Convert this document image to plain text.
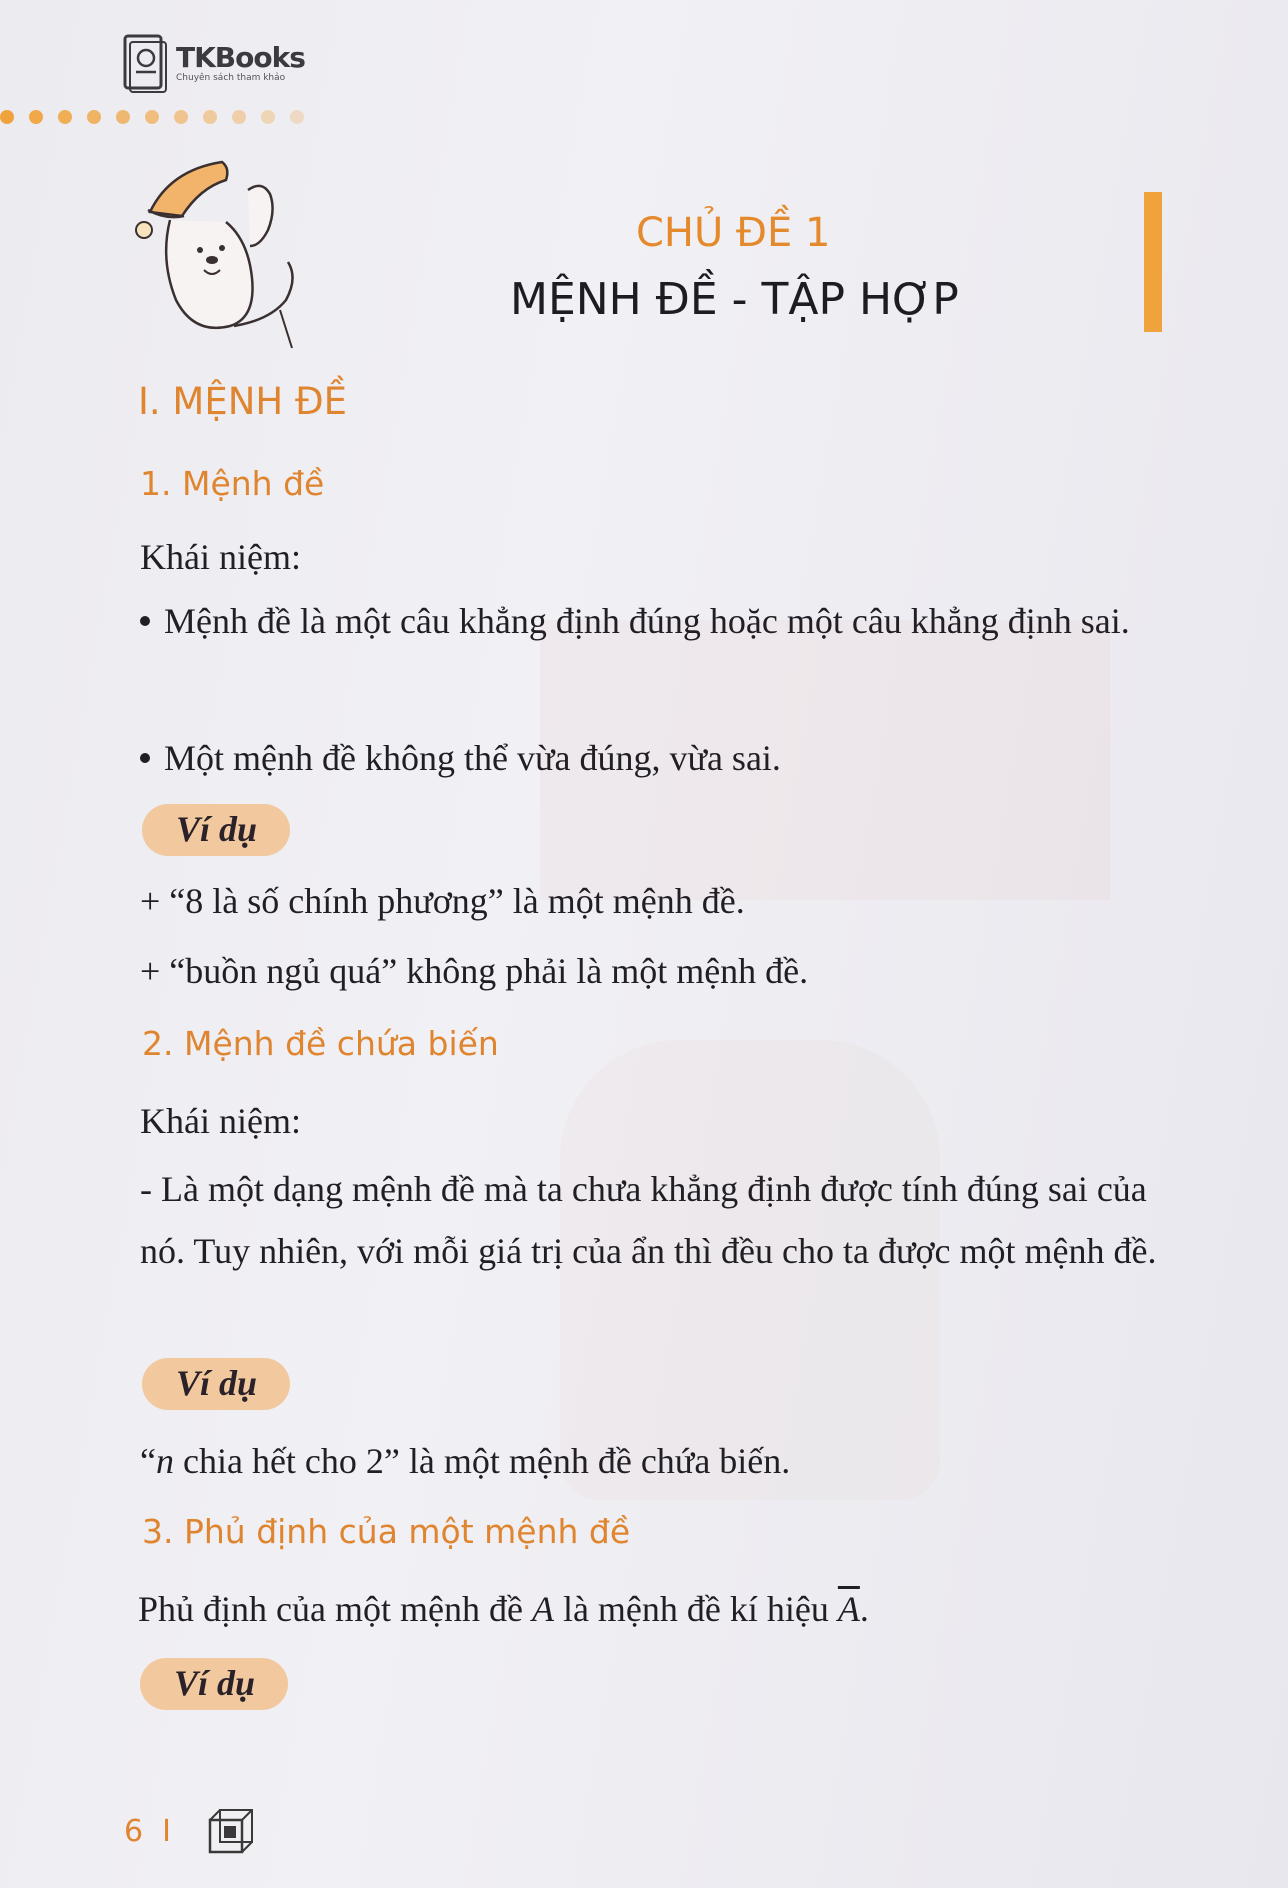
TKBooks
Chuyên sách tham khảo
CHỦ ĐỀ 1
MỆNH ĐỀ - TẬP HỢP
I. MỆNH ĐỀ
1. Mệnh đề
Khái niệm:
Mệnh đề là một câu khẳng định đúng hoặc một câu khẳng định sai.
Một mệnh đề không thể vừa đúng, vừa sai.
Ví dụ
+ “8 là số chính phương” là một mệnh đề.
+ “buồn ngủ quá” không phải là một mệnh đề.
2. Mệnh đề chứa biến
Khái niệm:
- Là một dạng mệnh đề mà ta chưa khẳng định được tính đúng sai của nó. Tuy nhiên, với mỗi giá trị của ẩn thì đều cho ta được một mệnh đề.
Ví dụ
“n chia hết cho 2” là một mệnh đề chứa biến.
3. Phủ định của một mệnh đề
Phủ định của một mệnh đề A là mệnh đề kí hiệu $\overline{A}$.
Ví dụ
6 I
